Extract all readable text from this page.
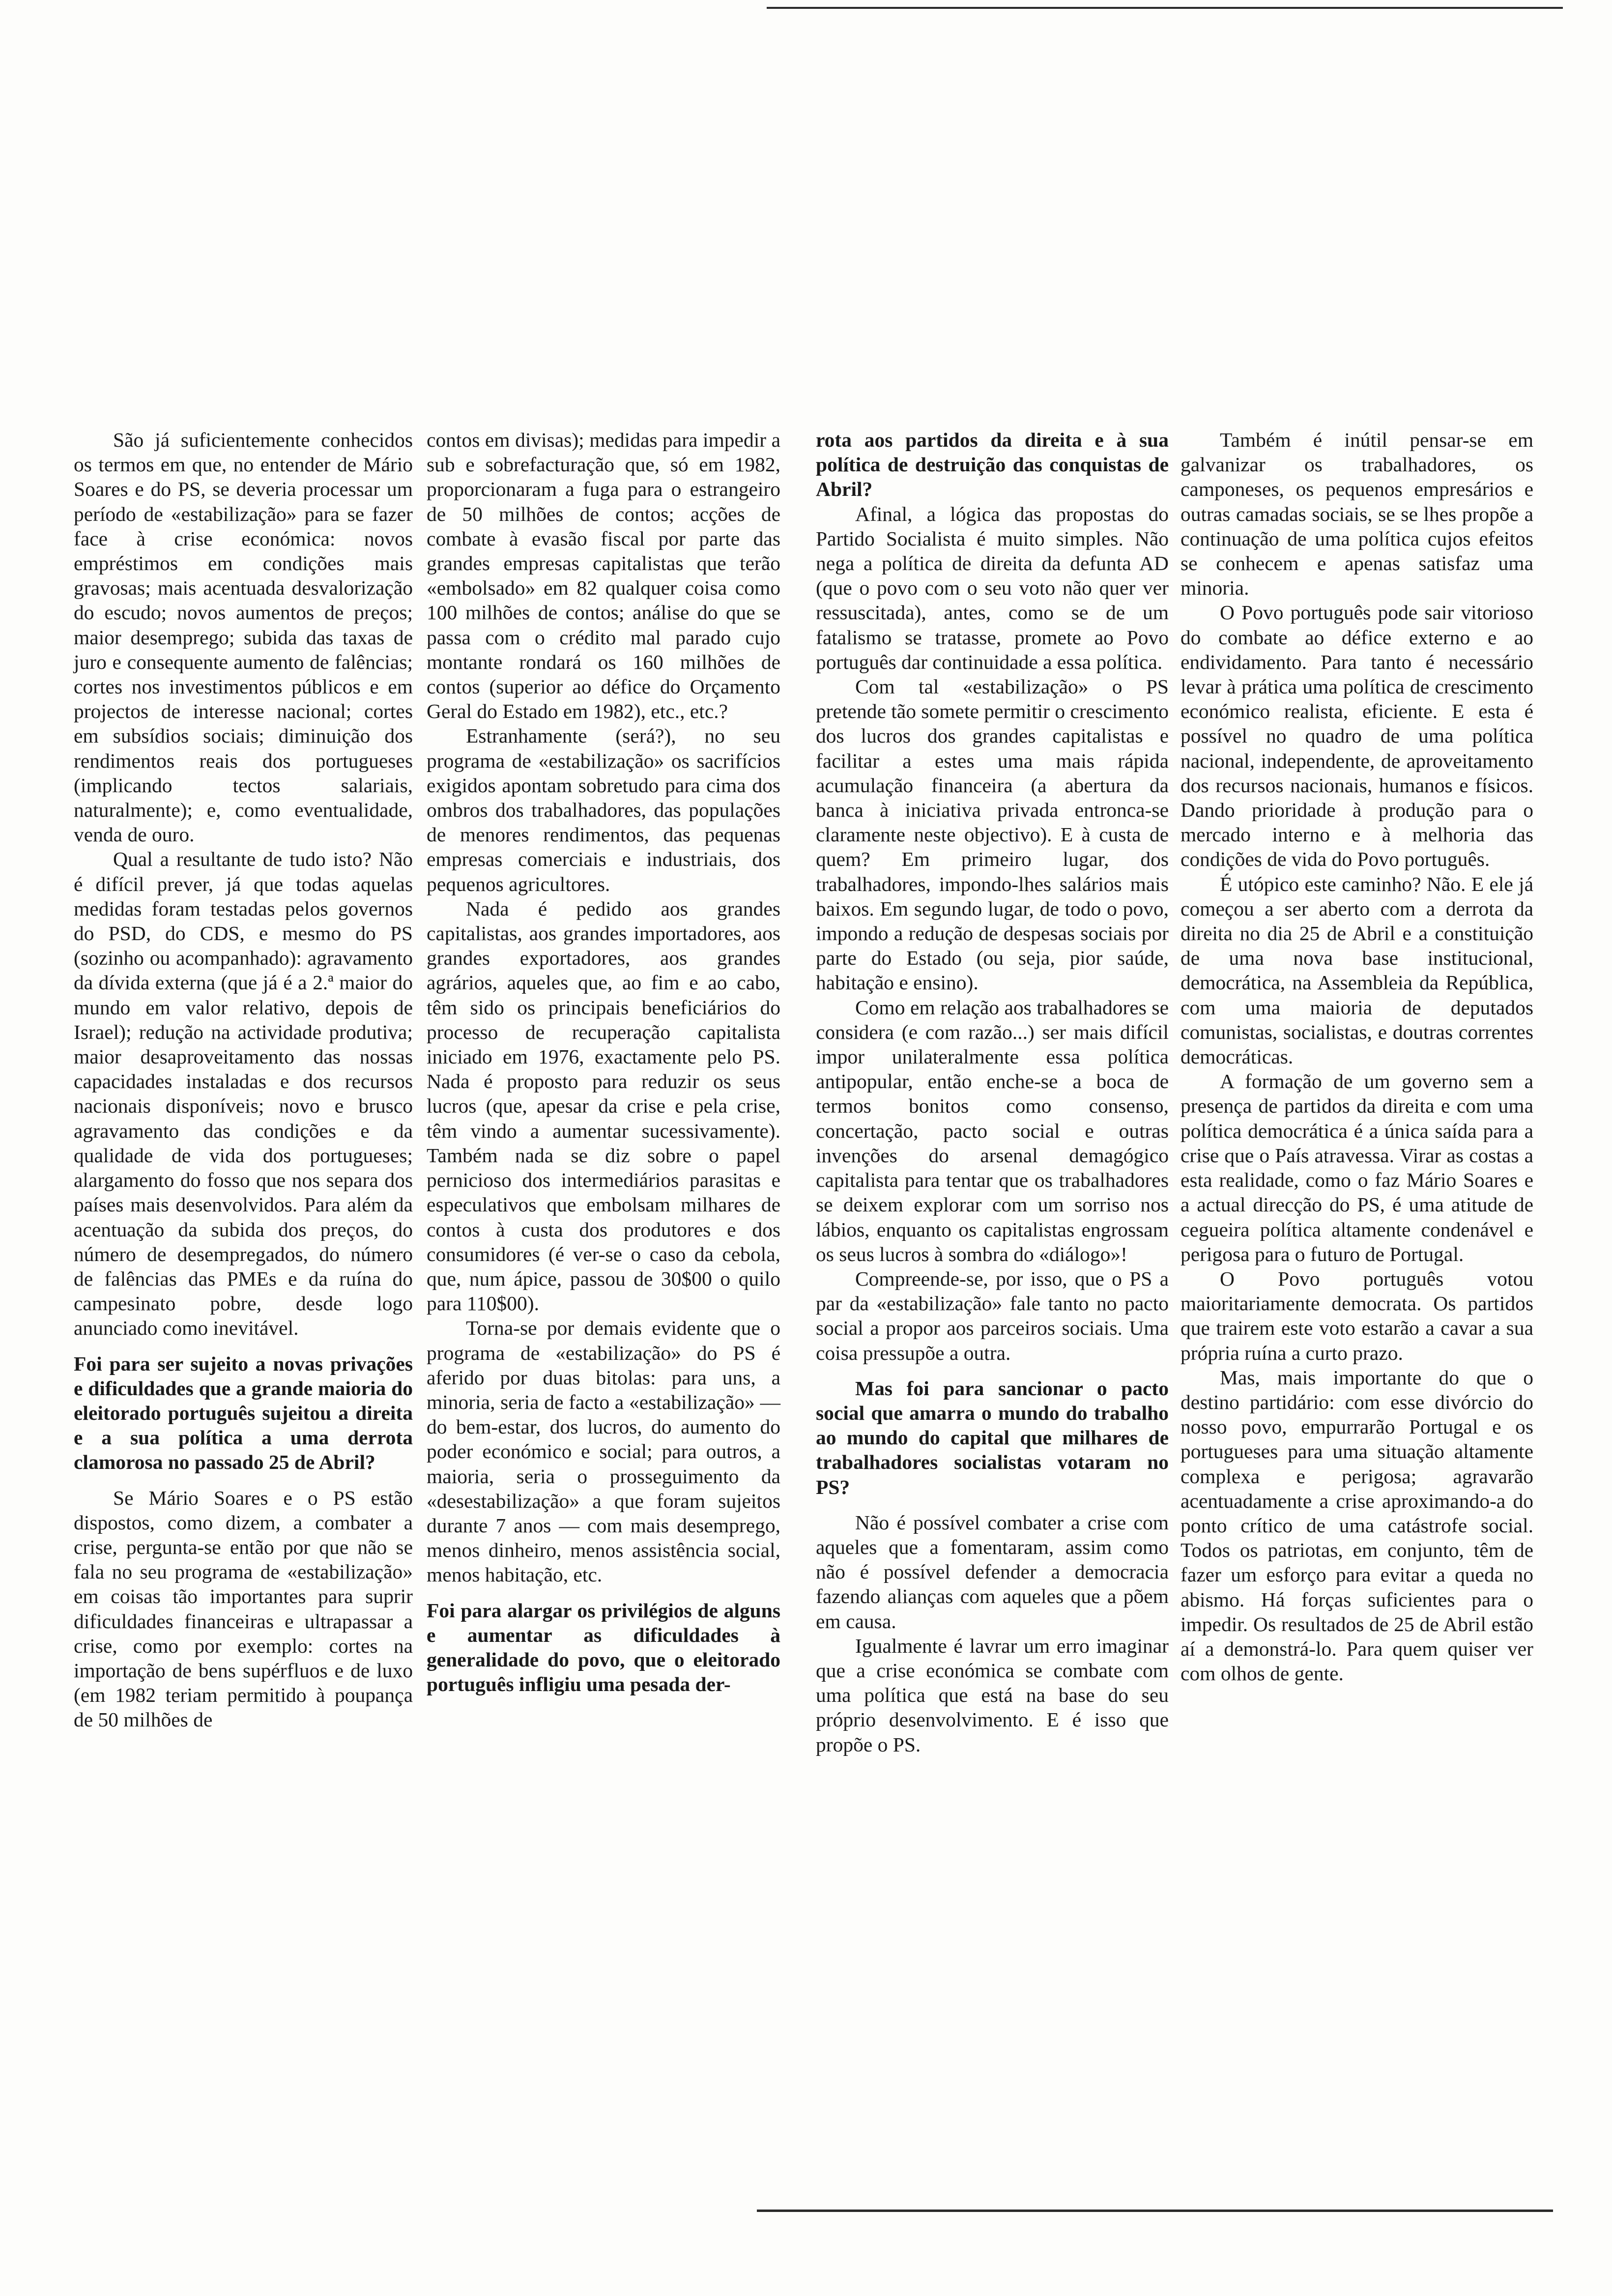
São já suficientemente conhecidos os termos em que, no entender de Mário Soares e do PS, se deveria processar um período de «estabilização» para se fazer face à crise económica: novos empréstimos em condições mais gravosas; mais acentuada desvalorização do escudo; novos aumentos de preços; maior desemprego; subida das taxas de juro e consequente aumento de falências; cortes nos investimentos públicos e em projectos de interesse nacional; cortes em subsídios sociais; diminuição dos rendimentos reais dos portugueses (implicando tectos salariais, naturalmente); e, como eventualidade, venda de ouro.

Qual a resultante de tudo isto? Não é difícil prever, já que todas aquelas medidas foram testadas pelos governos do PSD, do CDS, e mesmo do PS (sozinho ou acompanhado): agravamento da dívida externa (que já é a 2.ª maior do mundo em valor relativo, depois de Israel); redução na actividade produtiva; maior desaproveitamento das nossas capacidades instaladas e dos recursos nacionais disponíveis; novo e brusco agravamento das condições e da qualidade de vida dos portugueses; alargamento do fosso que nos separa dos países mais desenvolvidos. Para além da acentuação da subida dos preços, do número de desempregados, do número de falências das PMEs e da ruína do campesinato pobre, desde logo anunciado como inevitável.

Foi para ser sujeito a novas privações e dificuldades que a grande maioria do eleitorado português sujeitou a direita e a sua política a uma derrota clamorosa no passado 25 de Abril?

Se Mário Soares e o PS estão dispostos, como dizem, a combater a crise, pergunta-se então por que não se fala no seu programa de «estabilização» em coisas tão importantes para suprir dificuldades financeiras e ultrapassar a crise, como por exemplo: cortes na importação de bens supérfluos e de luxo (em 1982 teriam permitido à poupança de 50 milhões de

contos em divisas); medidas para impedir a sub e sobrefacturação que, só em 1982, proporcionaram a fuga para o estrangeiro de 50 milhões de contos; acções de combate à evasão fiscal por parte das grandes empresas capitalistas que terão «embolsado» em 82 qualquer coisa como 100 milhões de contos; análise do que se passa com o crédito mal parado cujo montante rondará os 160 milhões de contos (superior ao défice do Orçamento Geral do Estado em 1982), etc., etc.?

Estranhamente (será?), no seu programa de «estabilização» os sacrifícios exigidos apontam sobretudo para cima dos ombros dos trabalhadores, das populações de menores rendimentos, das pequenas empresas comerciais e industriais, dos pequenos agricultores.

Nada é pedido aos grandes capitalistas, aos grandes importadores, aos grandes exportadores, aos grandes agrários, aqueles que, ao fim e ao cabo, têm sido os principais beneficiários do processo de recuperação capitalista iniciado em 1976, exactamente pelo PS. Nada é proposto para reduzir os seus lucros (que, apesar da crise e pela crise, têm vindo a aumentar sucessivamente). Também nada se diz sobre o papel pernicioso dos intermediários parasitas e especulativos que embolsam milhares de contos à custa dos produtores e dos consumidores (é ver-se o caso da cebola, que, num ápice, passou de 30$00 o quilo para 110$00).

Torna-se por demais evidente que o programa de «estabilização» do PS é aferido por duas bitolas: para uns, a minoria, seria de facto a «estabilização» — do bem-estar, dos lucros, do aumento do poder económico e social; para outros, a maioria, seria o prosseguimento da «desestabilização» a que foram sujeitos durante 7 anos — com mais desemprego, menos dinheiro, menos assistência social, menos habitação, etc.

Foi para alargar os privilégios de alguns e aumentar as dificuldades à generalidade do povo, que o eleitorado português infligiu uma pesada der-

rota aos partidos da direita e à sua política de destruição das conquistas de Abril?

Afinal, a lógica das propostas do Partido Socialista é muito simples. Não nega a política de direita da defunta AD (que o povo com o seu voto não quer ver ressuscitada), antes, como se de um fatalismo se tratasse, promete ao Povo português dar continuidade a essa política.

Com tal «estabilização» o PS pretende tão somete permitir o crescimento dos lucros dos grandes capitalistas e facilitar a estes uma mais rápida acumulação financeira (a abertura da banca à iniciativa privada entronca-se claramente neste objectivo). E à custa de quem? Em primeiro lugar, dos trabalhadores, impondo-lhes salários mais baixos. Em segundo lugar, de todo o povo, impondo a redução de despesas sociais por parte do Estado (ou seja, pior saúde, habitação e ensino).

Como em relação aos trabalhadores se considera (e com razão...) ser mais difícil impor unilateralmente essa política antipopular, então enche-se a boca de termos bonitos como consenso, concertação, pacto social e outras invenções do arsenal demagógico capitalista para tentar que os trabalhadores se deixem explorar com um sorriso nos lábios, enquanto os capitalistas engrossam os seus lucros à sombra do «diálogo»!

Compreende-se, por isso, que o PS a par da «estabilização» fale tanto no pacto social a propor aos parceiros sociais. Uma coisa pressupõe a outra.

Mas foi para sancionar o pacto social que amarra o mundo do trabalho ao mundo do capital que milhares de trabalhadores socialistas votaram no PS?

Não é possível combater a crise com aqueles que a fomentaram, assim como não é possível defender a democracia fazendo alianças com aqueles que a põem em causa.

Igualmente é lavrar um erro imaginar que a crise económica se combate com uma política que está na base do seu próprio desenvolvimento. E é isso que propõe o PS.

Também é inútil pensar-se em galvanizar os trabalhadores, os camponeses, os pequenos empresários e outras camadas sociais, se se lhes propõe a continuação de uma política cujos efeitos se conhecem e apenas satisfaz uma minoria.

O Povo português pode sair vitorioso do combate ao défice externo e ao endividamento. Para tanto é necessário levar à prática uma política de crescimento económico realista, eficiente. E esta é possível no quadro de uma política nacional, independente, de aproveitamento dos recursos nacionais, humanos e físicos. Dando prioridade à produção para o mercado interno e à melhoria das condições de vida do Povo português.

É utópico este caminho? Não. E ele já começou a ser aberto com a derrota da direita no dia 25 de Abril e a constituição de uma nova base institucional, democrática, na Assembleia da República, com uma maioria de deputados comunistas, socialistas, e doutras correntes democráticas.

A formação de um governo sem a presença de partidos da direita e com uma política democrática é a única saída para a crise que o País atravessa. Virar as costas a esta realidade, como o faz Mário Soares e a actual direcção do PS, é uma atitude de cegueira política altamente condenável e perigosa para o futuro de Portugal.

O Povo português votou maioritariamente democrata. Os partidos que trairem este voto estarão a cavar a sua própria ruína a curto prazo.

Mas, mais importante do que o destino partidário: com esse divórcio do nosso povo, empurrarão Portugal e os portugueses para uma situação altamente complexa e perigosa; agravarão acentuadamente a crise aproximando-a do ponto crítico de uma catástrofe social. Todos os patriotas, em conjunto, têm de fazer um esforço para evitar a queda no abismo. Há forças suficientes para o impedir. Os resultados de 25 de Abril estão aí a demonstrá-lo. Para quem quiser ver com olhos de gente.
